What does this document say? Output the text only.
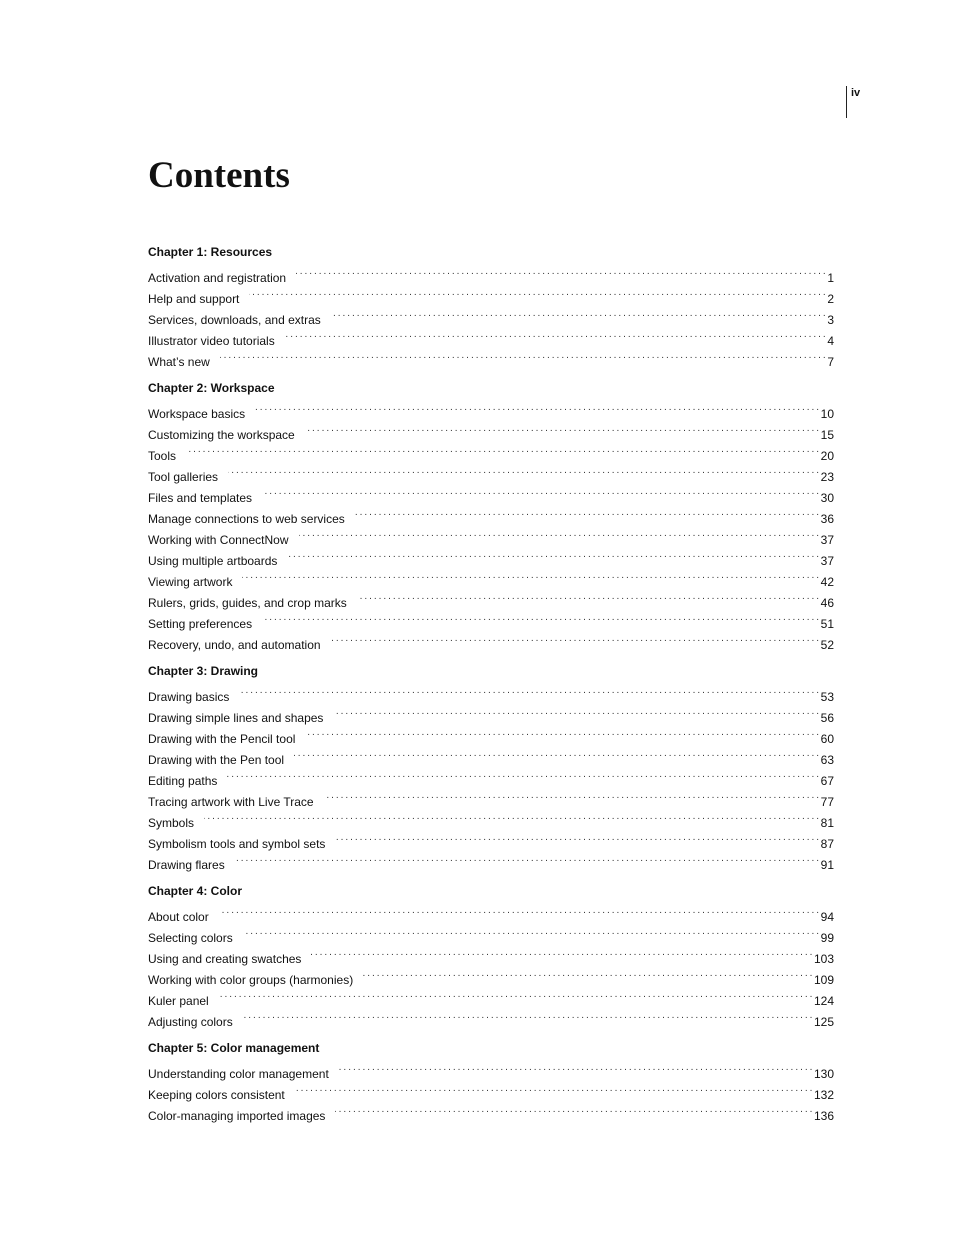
iv
Contents
Chapter 1: Resources
Activation and registration . . .	1
Help and support . . .	2
Services, downloads, and extras . . .	3
Illustrator video tutorials . . .	4
What’s new . . .	7
Chapter 2: Workspace
Workspace basics . . .	10
Customizing the workspace . . .	15
Tools . . .	20
Tool galleries . . .	23
Files and templates . . .	30
Manage connections to web services . . .	36
Working with ConnectNow . . .	37
Using multiple artboards . . .	37
Viewing artwork . . .	42
Rulers, grids, guides, and crop marks . . .	46
Setting preferences . . .	51
Recovery, undo, and automation . . .	52
Chapter 3: Drawing
Drawing basics . . .	53
Drawing simple lines and shapes . . .	56
Drawing with the Pencil tool . . .	60
Drawing with the Pen tool . . .	63
Editing paths . . .	67
Tracing artwork with Live Trace . . .	77
Symbols . . .	81
Symbolism tools and symbol sets . . .	87
Drawing flares . . .	91
Chapter 4: Color
About color . . .	94
Selecting colors . . .	99
Using and creating swatches . . .	103
Working with color groups (harmonies) . . .	109
Kuler panel . . .	124
Adjusting colors . . .	125
Chapter 5: Color management
Understanding color management . . .	130
Keeping colors consistent . . .	132
Color-managing imported images . . .	136
